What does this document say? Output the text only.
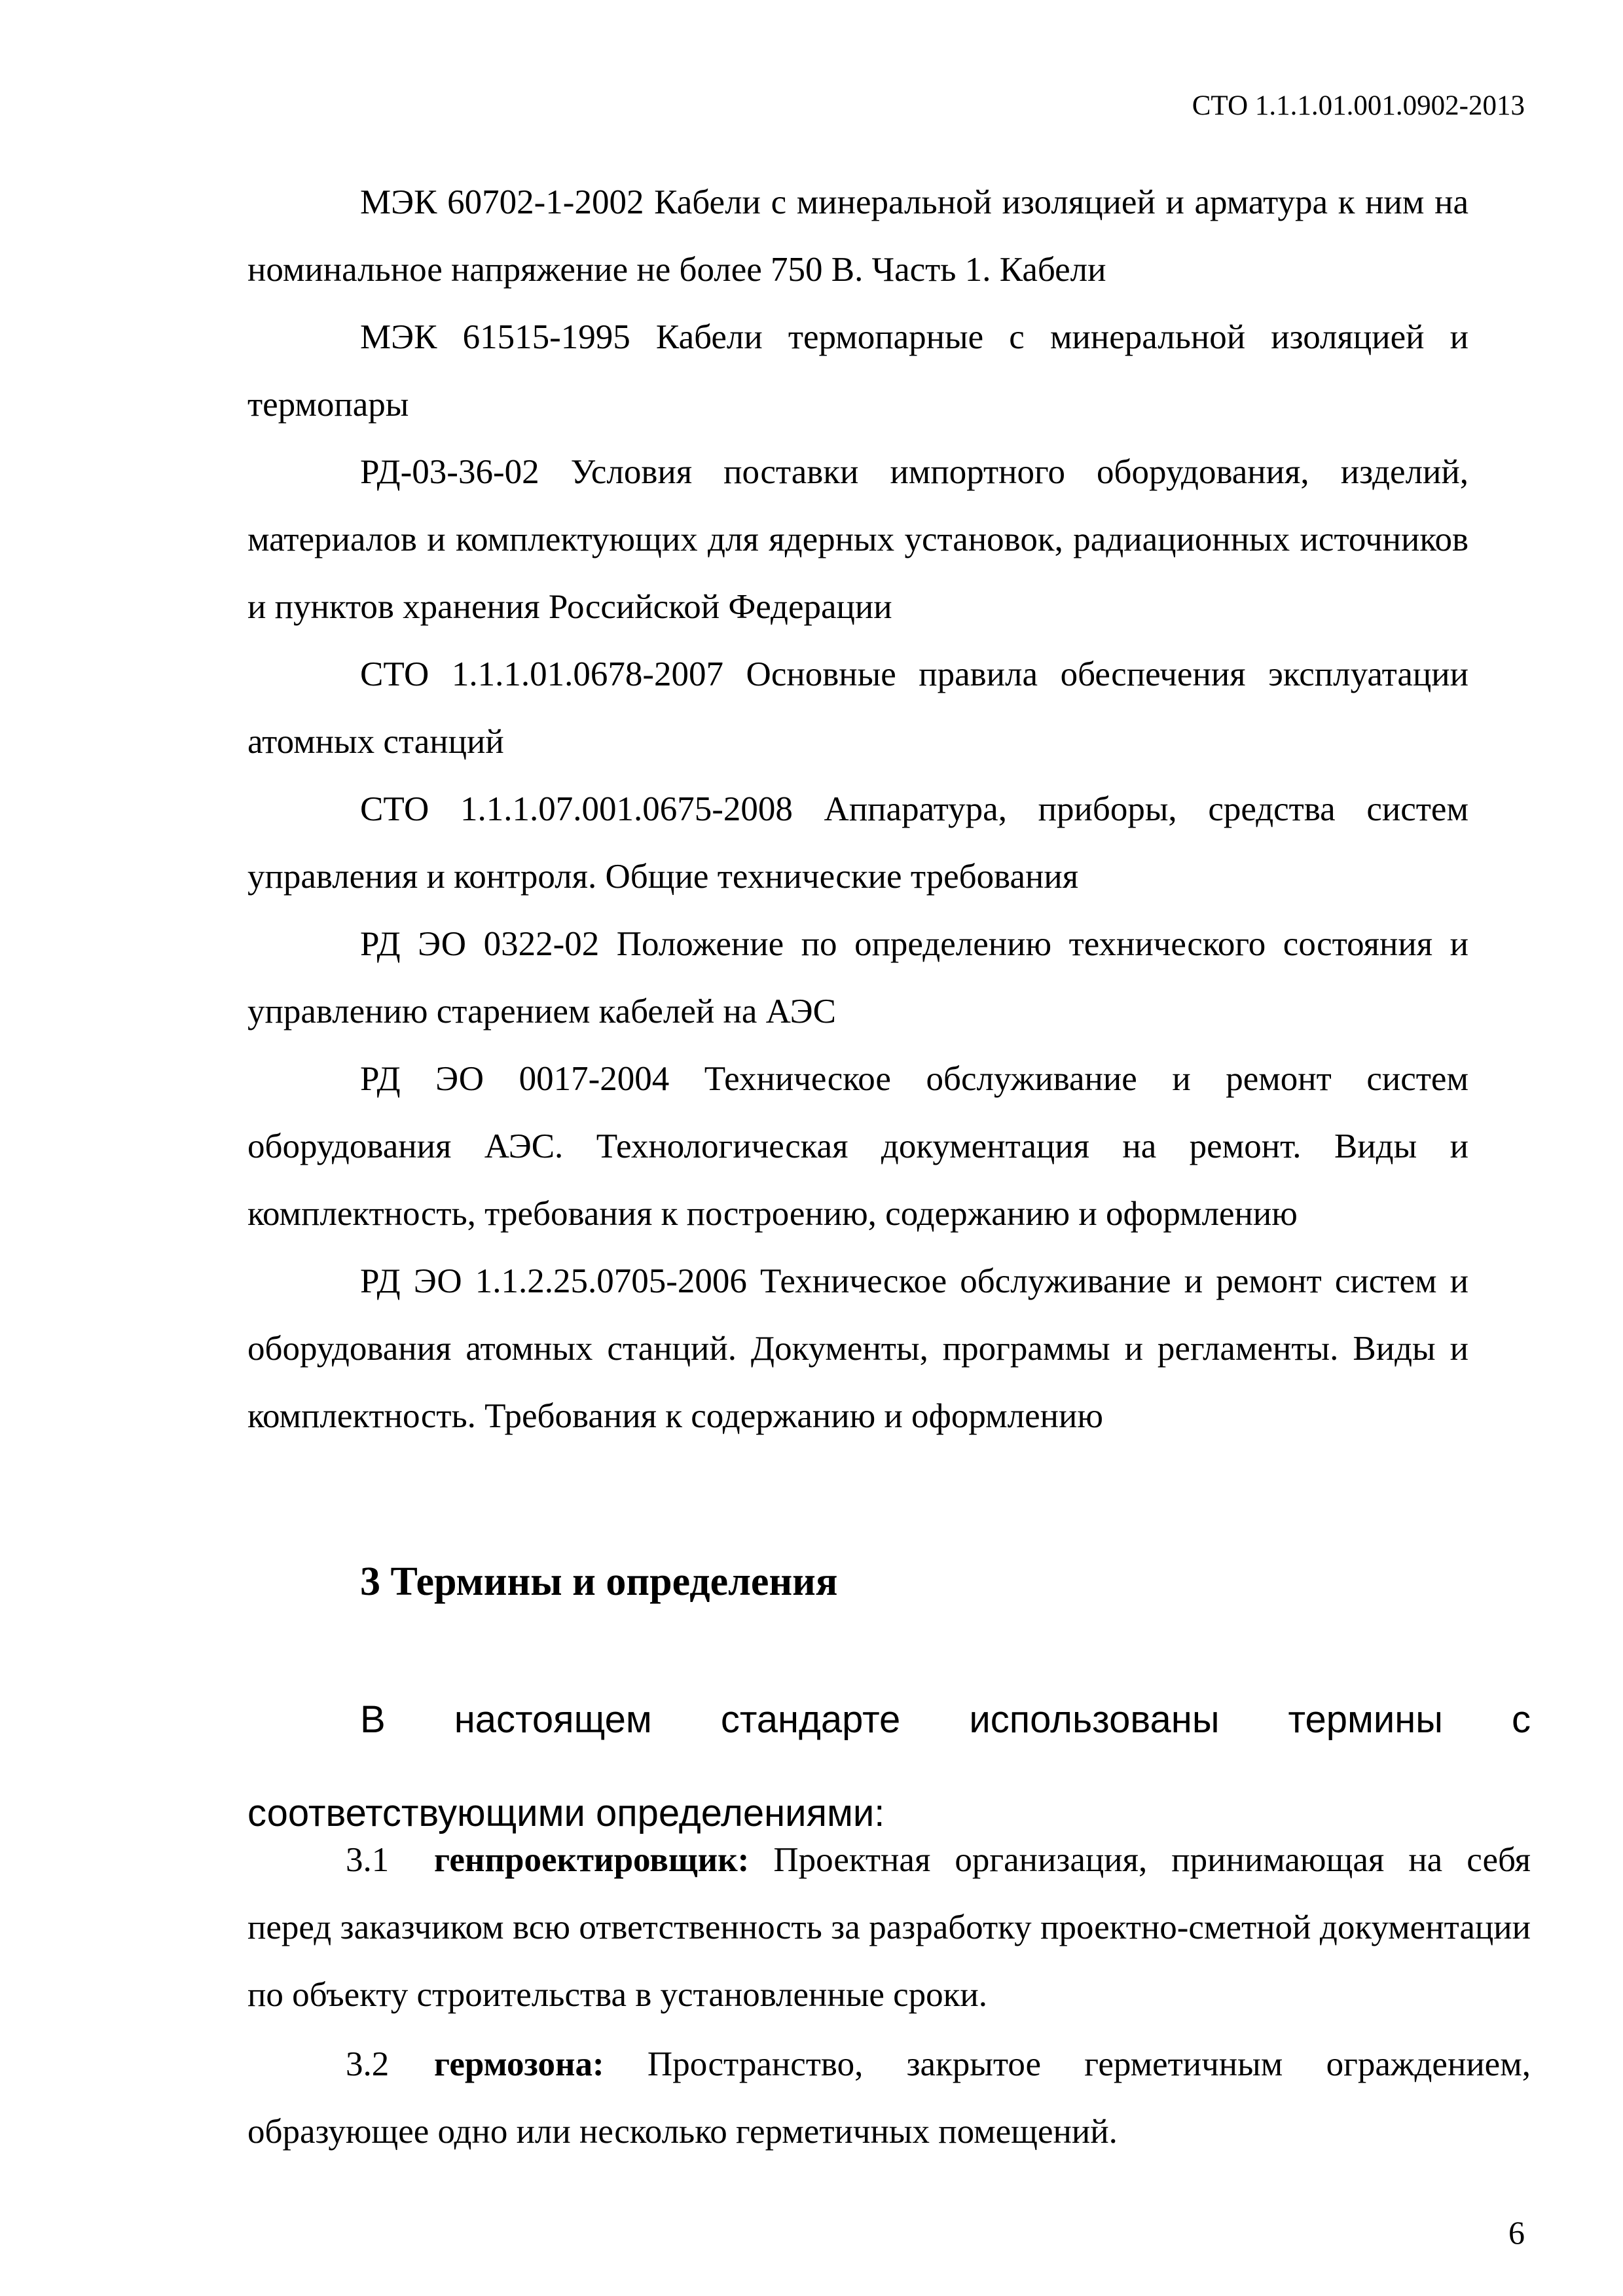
СТО 1.1.1.01.001.0902-2013

МЭК 60702-1-2002 Кабели с минеральной изоляцией и арматура к ним на номинальное напряжение не более 750 В. Часть 1. Кабели

МЭК 61515-1995 Кабели термопарные с минеральной изоляцией и термопары

РД-03-36-02 Условия поставки импортного оборудования, изделий, материалов и комплектующих для ядерных установок, радиационных источников и пунктов хранения Российской Федерации

СТО 1.1.1.01.0678-2007 Основные правила обеспечения эксплуатации атомных станций

СТО 1.1.1.07.001.0675-2008 Аппаратура, приборы, средства систем управления и контроля. Общие технические требования

РД ЭО 0322-02 Положение по определению технического состояния и управлению старением кабелей на АЭС

РД ЭО 0017-2004 Техническое обслуживание и ремонт систем оборудования АЭС. Технологическая документация на ремонт. Виды и комплектность, требования к построению, содержанию и оформлению

РД ЭО 1.1.2.25.0705-2006 Техническое обслуживание и ремонт систем и оборудования атомных станций. Документы, программы и регламенты. Виды и комплектность. Требования к содержанию и оформлению

3 Термины и определения

В настоящем стандарте использованы термины с соответствующими определениями:

3.1 генпроектировщик: Проектная организация, принимающая на себя перед заказчиком всю ответственность за разработку проектно-сметной документации по объекту строительства в установленные сроки.

3.2 гермозона: Пространство, закрытое герметичным ограждением, образующее одно или несколько герметичных помещений.

6
